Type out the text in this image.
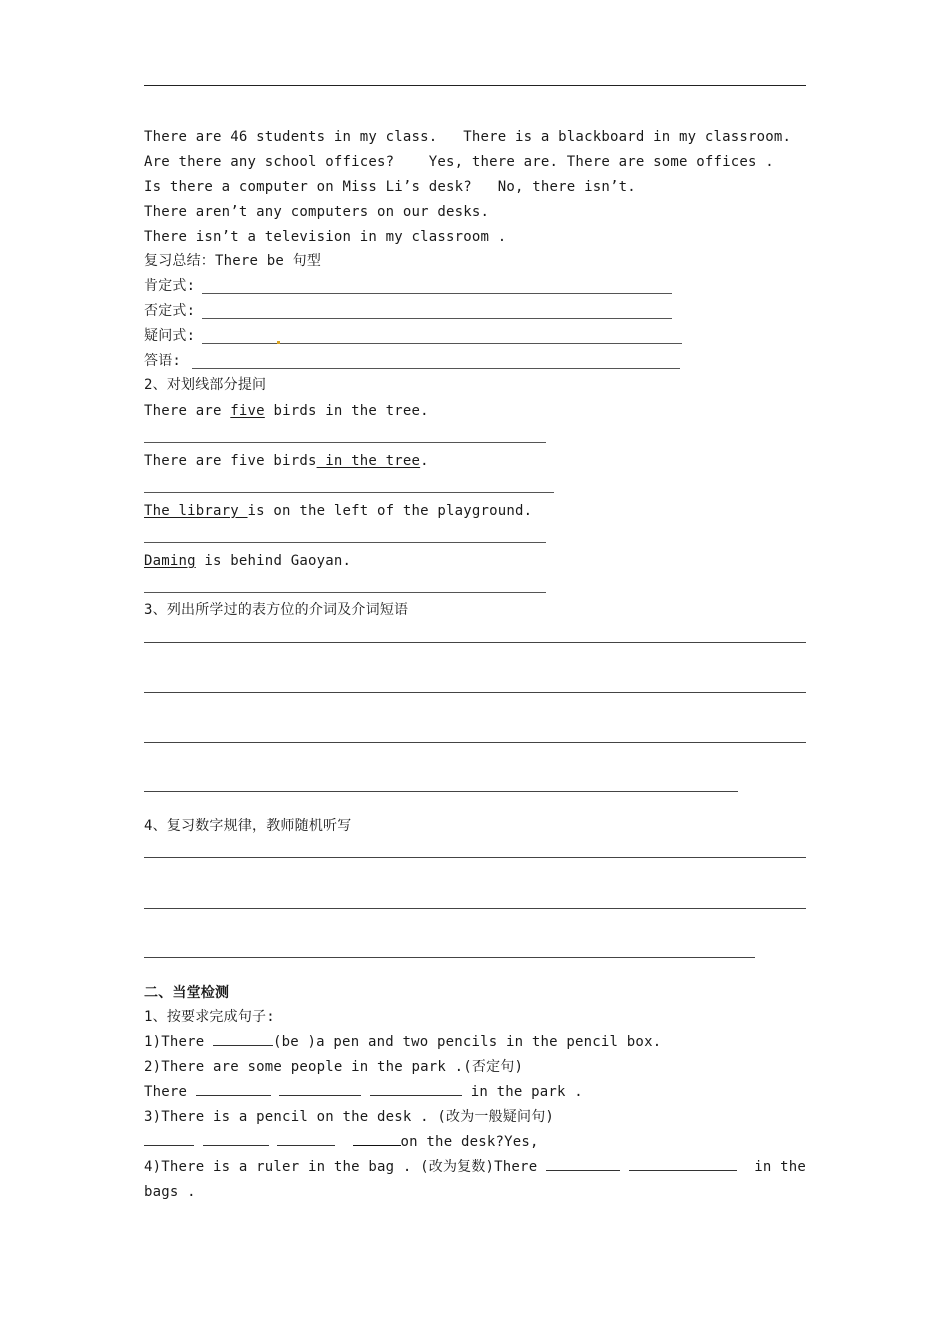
There are 46 students in my class.   There is a blackboard in my classroom.
Are there any school offices?    Yes, there are. There are some offices .
Is there a computer on Miss Li’s desk?   No, there isn’t.
There aren’t any computers on our desks.
There isn’t a television in my classroom .
复习总结：There be 句型
肯定式:
否定式:
疑问式:
答语:
2、对划线部分提问
There are five birds in the tree.
There are five birds in the tree.
The library is on the left of the playground.
Daming is behind Gaoyan.
3、列出所学过的表方位的介词及介词短语
4、复习数字规律，教师随机听写
二、当堂检测
1、按要求完成句子:
1)There	(be )a pen and two pencils in the pencil box.
2)There are some people in the park .(否定句)
There	in the park .
3)There is a pencil on the desk . (改为一般疑问句)
on the desk?Yes,
4)There is a ruler in the bag . (改为复数)There	in the
bags .
